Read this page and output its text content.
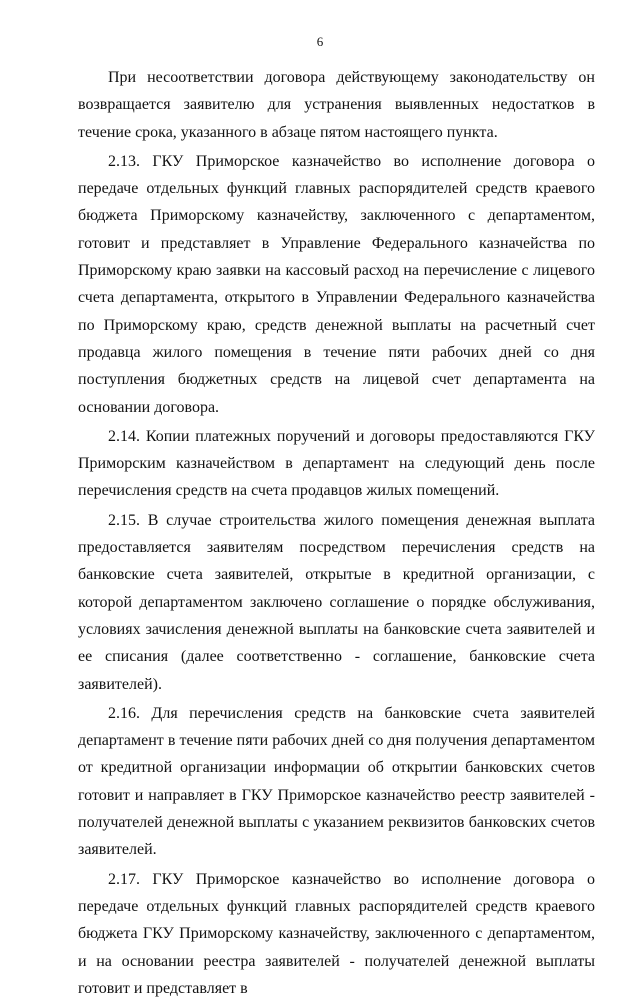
6

При несоответствии договора действующему законодательству он возвращается заявителю для устранения выявленных недостатков в течение срока, указанного в абзаце пятом настоящего пункта.

2.13. ГКУ Приморское казначейство во исполнение договора о передаче отдельных функций главных распорядителей средств краевого бюджета Приморскому казначейству, заключенного с департаментом, готовит и представляет в Управление Федерального казначейства по Приморскому краю заявки на кассовый расход на перечисление с лицевого счета департамента, открытого в Управлении Федерального казначейства по Приморскому краю, средств денежной выплаты на расчетный счет продавца жилого помещения в течение пяти рабочих дней со дня поступления бюджетных средств на лицевой счет департамента на основании договора.

2.14. Копии платежных поручений и договоры предоставляются ГКУ Приморским казначейством в департамент на следующий день после перечисления средств на счета продавцов жилых помещений.

2.15. В случае строительства жилого помещения денежная выплата предоставляется заявителям посредством перечисления средств на банковские счета заявителей, открытые в кредитной организации, с которой департаментом заключено соглашение о порядке обслуживания, условиях зачисления денежной выплаты на банковские счета заявителей и ее списания (далее соответственно - соглашение, банковские счета заявителей).

2.16. Для перечисления средств на банковские счета заявителей департамент в течение пяти рабочих дней со дня получения департаментом от кредитной организации информации об открытии банковских счетов готовит и направляет в ГКУ Приморское казначейство реестр заявителей - получателей денежной выплаты с указанием реквизитов банковских счетов заявителей.

2.17. ГКУ Приморское казначейство во исполнение договора о передаче отдельных функций главных распорядителей средств краевого бюджета ГКУ Приморскому казначейству, заключенного с департаментом, и на основании реестра заявителей - получателей денежной выплаты готовит и представляет в
